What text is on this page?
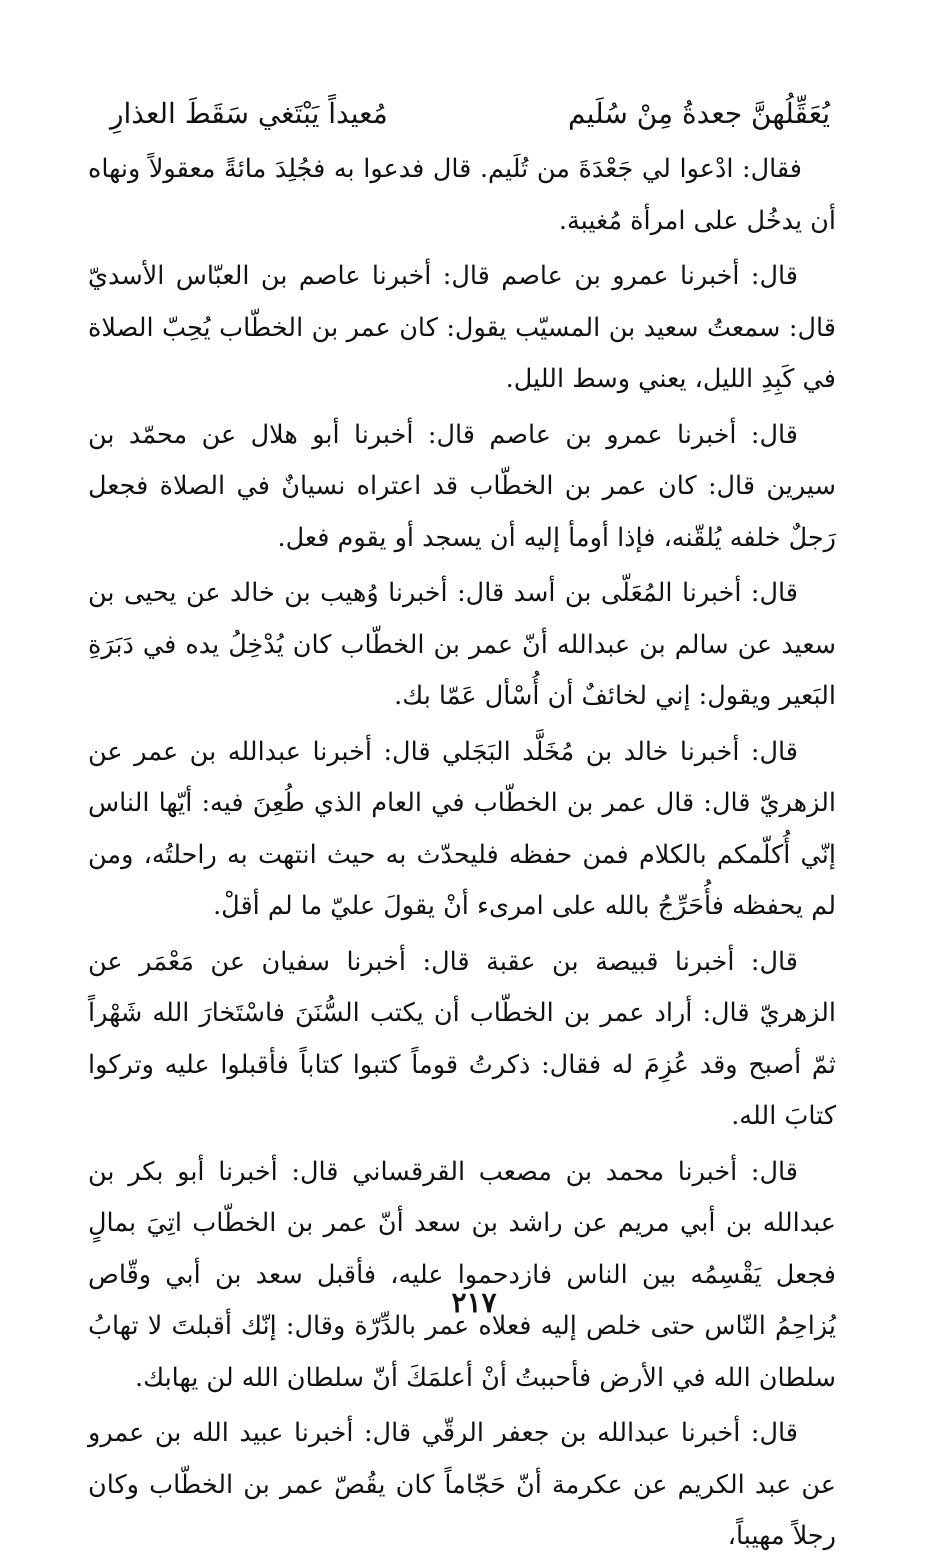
يُعَقِّلُهنَّ جعدةُ مِنْ سُلَيم
مُعيداً يَبْتَغي سَقَطَ العذارِ

فقال: ادْعوا لي جَعْدَةَ من تُلَيم. قال فدعوا به فجُلِدَ مائةً معقولاً ونهاه أن يدخُل على امرأة مُغيبة.

قال: أخبرنا عمرو بن عاصم قال: أخبرنا عاصم بن العبّاس الأسديّ قال: سمعتُ سعيد بن المسيّب يقول: كان عمر بن الخطّاب يُحِبّ الصلاة في كَبِدِ الليل، يعني وسط الليل.

قال: أخبرنا عمرو بن عاصم قال: أخبرنا أبو هلال عن محمّد بن سيرين قال: كان عمر بن الخطّاب قد اعتراه نسيانٌ في الصلاة فجعل رَجلٌ خلفه يُلقّنه، فإذا أومأ إليه أن يسجد أو يقوم فعل.

قال: أخبرنا المُعَلّى بن أسد قال: أخبرنا وُهيب بن خالد عن يحيى بن سعيد عن سالم بن عبدالله أنّ عمر بن الخطّاب كان يُدْخِلُ يده في دَبَرَةِ البَعير ويقول: إني لخائفٌ أن أُسْأل عَمّا بك.

قال: أخبرنا خالد بن مُخَلَّد البَجَلي قال: أخبرنا عبدالله بن عمر عن الزهريّ قال: قال عمر بن الخطّاب في العام الذي طُعِنَ فيه: أيّها الناس إنّي أُكلّمكم بالكلام فمن حفظه فليحدّث به حيث انتهت به راحلتُه، ومن لم يحفظه فأُحَرِّجُ بالله على امرىء أنْ يقولَ عليّ ما لم أقلْ.

قال: أخبرنا قبيصة بن عقبة قال: أخبرنا سفيان عن مَعْمَر عن الزهريّ قال: أراد عمر بن الخطّاب أن يكتب السُّنَنَ فاسْتَخارَ الله شَهْراً ثمّ أصبح وقد عُزِمَ له فقال: ذكرتُ قوماً كتبوا كتاباً فأقبلوا عليه وتركوا كتابَ الله.

قال: أخبرنا محمد بن مصعب القرقساني قال: أخبرنا أبو بكر بن عبدالله بن أبي مريم عن راشد بن سعد أنّ عمر بن الخطّاب اتِيَ بمالٍ فجعل يَقْسِمُه بين الناس فازدحموا عليه، فأقبل سعد بن أبي وقّاص يُزاحِمُ النّاس حتى خلص إليه فعلاه عمر بالدِّرّة وقال: إنّك أقبلتَ لا تهابُ سلطان الله في الأرض فأحببتُ أنْ أعلمَكَ أنّ سلطان الله لن يهابك.

قال: أخبرنا عبدالله بن جعفر الرقّي قال: أخبرنا عبيد الله بن عمرو عن عبد الكريم عن عكرمة أنّ حَجّاماً كان يقُصّ عمر بن الخطّاب وكان رجلاً مهيباً،

٢١٧
